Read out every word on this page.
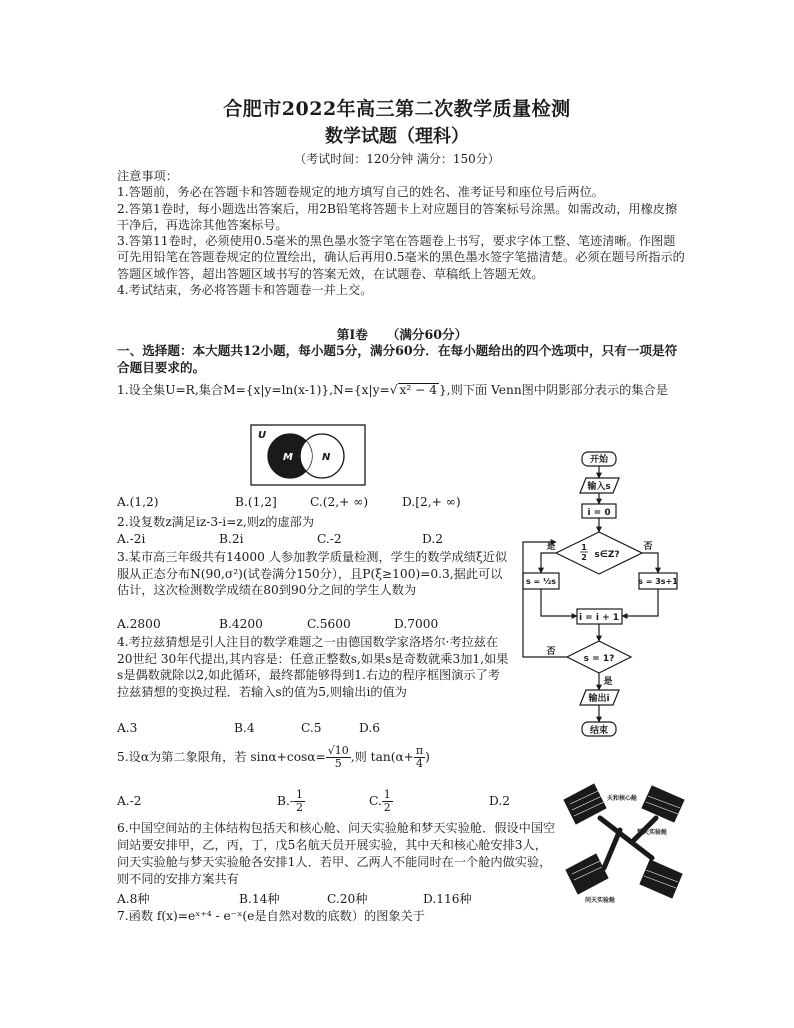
合肥市2022年高三第二次教学质量检测
数学试题（理科）
（考试时间：120分钟 满分：150分）
注意事项：
1.答题前，务必在答题卡和答题卷规定的地方填写自己的姓名、准考证号和座位号后两位。
2.答第1卷时，每小题选出答案后，用2B铅笔将答题卡上对应题目的答案标号涂黑。如需改动，用橡皮擦干净后，再选涂其他答案标号。
3.答第11卷时，必须使用0.5毫米的黑色墨水签字笔在答题卷上书写，要求字体工整、笔迹清晰。作图题可先用铅笔在答题卷规定的位置绘出，确认后再用0.5毫米的黑色墨水签字笔描清楚。必须在题号所指示的答题区域作答，超出答题区域书写的答案无效，在试题卷、草稿纸上答题无效。
4.考试结束，务必将答题卡和答题卷一并上交。
第I卷　　（满分60分）
一、选择题：本大题共12小题，每小题5分，满分60分．在每小题给出的四个选项中，只有一项是符合题目要求的。
1.设全集U=R,集合M={x|y=ln(x-1)},N={x|y=√ x² − 4 },则下面 Venn图中阴影部分表示的集合是
U
M	N
A.(1,2)	B.(1,2]	C.(2,+ ∞)	D.[2,+ ∞)
2.设复数z满足iz-3-i=z,则z的虚部为
A.-2i	B.2i	C.-2	D.2
3.某市高三年级共有14000 人参加教学质量检测，学生的数学成绩ξ近似服从正态分布N(90,σ²)(试卷满分150分），且P(ξ≥100)=0.3,据此可以估计，这次检测数学成绩在80到90分之间的学生人数为
A.2800	B.4200	C.5600	D.7000
4.考拉兹猜想是引人注目的数学难题之一由德国数学家洛塔尔·考拉兹在20世纪 30年代提出,其内容是：任意正整数s,如果s是奇数就乘3加1,如果s是偶数就除以2,如此循环，最终都能够得到1.右边的程序框图演示了考拉兹猜想的变换过程．若输入s的值为5,则输出i的值为
A.3	B.4	C.5	D.6
5.设α为第二象限角，若 $\sin\alpha+\cos\alpha= \frac{√10}{5}$ ,则 $\tan(\alpha+ \frac{\pi}{4}$ )
A.-2	$B.- \frac{1}{2}$	C. $\frac{1}{2}$	D.2
6.中国空间站的主体结构包括天和核心舱、问天实验舱和梦天实验舱．假设中国空间站要安排甲，乙，丙，丁，戊5名航天员开展实验，其中天和核心舱安排3人，问天实验舱与梦天实验舱各安排1人．若甲、乙两人不能同时在一个舱内做实验，则不同的安排方案共有
A.8种	B.14种	C.20种	D.116种
7.函数 f(x)=eˣ⁺⁴ - e⁻ˣ(e是自然对数的底数）的图象关于
开始
输入s
i = 0
1
2 s∈Z?
是	否
s = ½s	s = 3s+1
i = i + 1
s = 1?
否
是
输出i
结束
天和核心舱
梦天实验舱
问天实验舱
